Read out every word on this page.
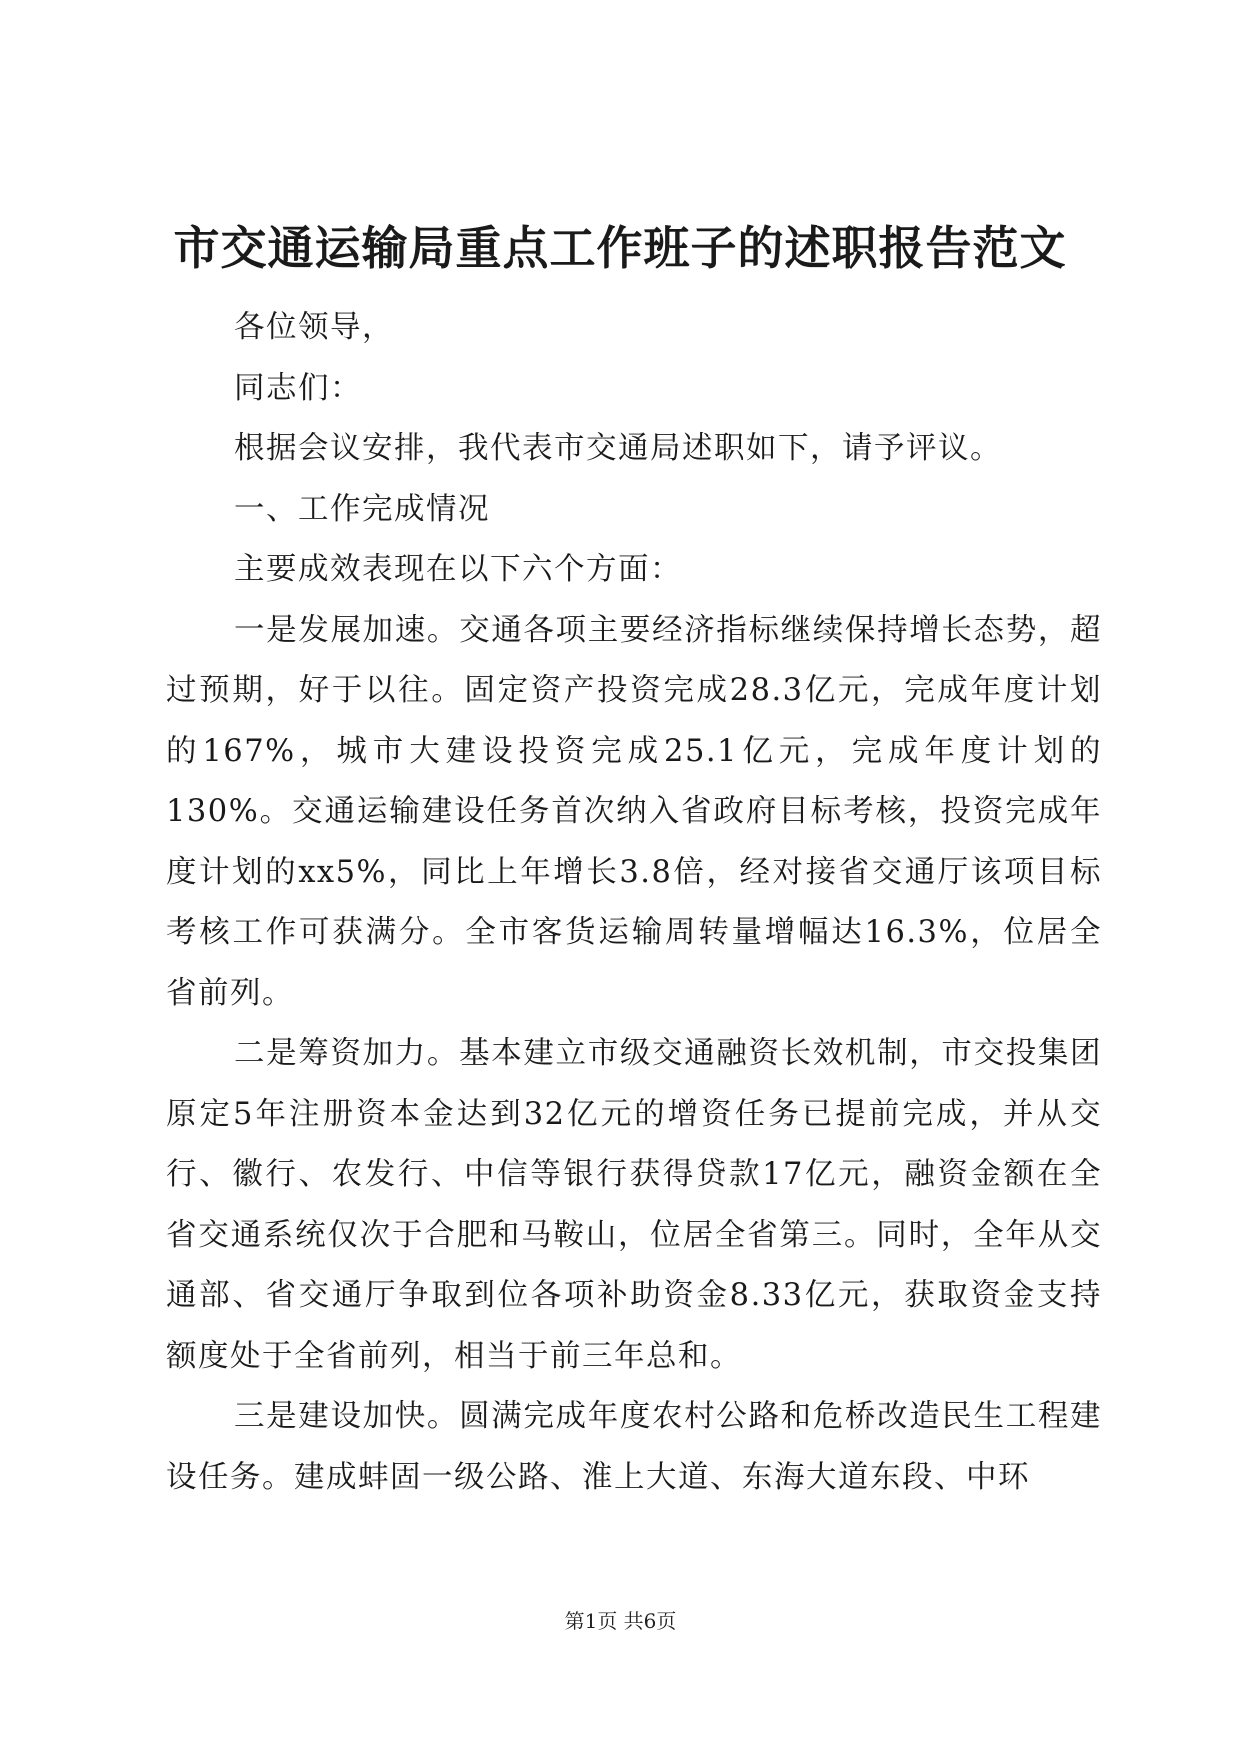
市交通运输局重点工作班子的述职报告范文

各位领导，

同志们：

根据会议安排，我代表市交通局述职如下，请予评议。

一、工作完成情况

主要成效表现在以下六个方面：

一是发展加速。交通各项主要经济指标继续保持增长态势，超过预期，好于以往。固定资产投资完成28.3亿元，完成年度计划的167%，城市大建设投资完成25.1亿元，完成年度计划的130%。交通运输建设任务首次纳入省政府目标考核，投资完成年度计划的xx5%，同比上年增长3.8倍，经对接省交通厅该项目标考核工作可获满分。全市客货运输周转量增幅达16.3%，位居全省前列。

二是筹资加力。基本建立市级交通融资长效机制，市交投集团原定5年注册资本金达到32亿元的增资任务已提前完成，并从交行、徽行、农发行、中信等银行获得贷款17亿元，融资金额在全省交通系统仅次于合肥和马鞍山，位居全省第三。同时，全年从交通部、省交通厅争取到位各项补助资金8.33亿元，获取资金支持额度处于全省前列，相当于前三年总和。

三是建设加快。圆满完成年度农村公路和危桥改造民生工程建设任务。建成蚌固一级公路、淮上大道、东海大道东段、中环

第1页 共6页
